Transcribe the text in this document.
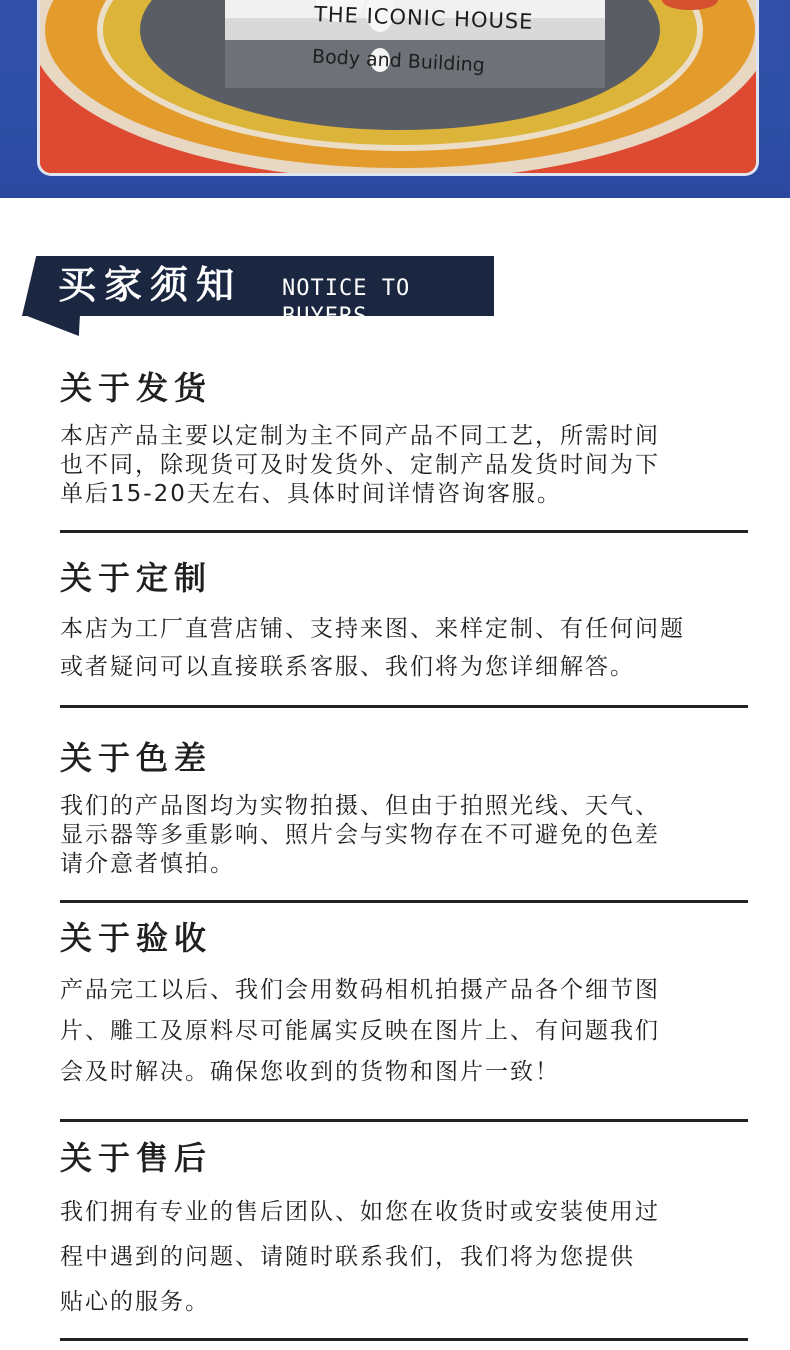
THE ICONIC HOUSE
Body and Building
买家须知 NOTICE TO BUYERS
关于发货
本店产品主要以定制为主不同产品不同工艺，所需时间
也不同，除现货可及时发货外、定制产品发货时间为下
单后15-20天左右、具体时间详情咨询客服。
关于定制
本店为工厂直营店铺、支持来图、来样定制、有任何问题
或者疑问可以直接联系客服、我们将为您详细解答。
关于色差
我们的产品图均为实物拍摄、但由于拍照光线、天气、
显示器等多重影响、照片会与实物存在不可避免的色差
请介意者慎拍。
关于验收
产品完工以后、我们会用数码相机拍摄产品各个细节图
片、雕工及原料尽可能属实反映在图片上、有问题我们
会及时解决。确保您收到的货物和图片一致！
关于售后
我们拥有专业的售后团队、如您在收货时或安装使用过
程中遇到的问题、请随时联系我们，我们将为您提供
贴心的服务。
